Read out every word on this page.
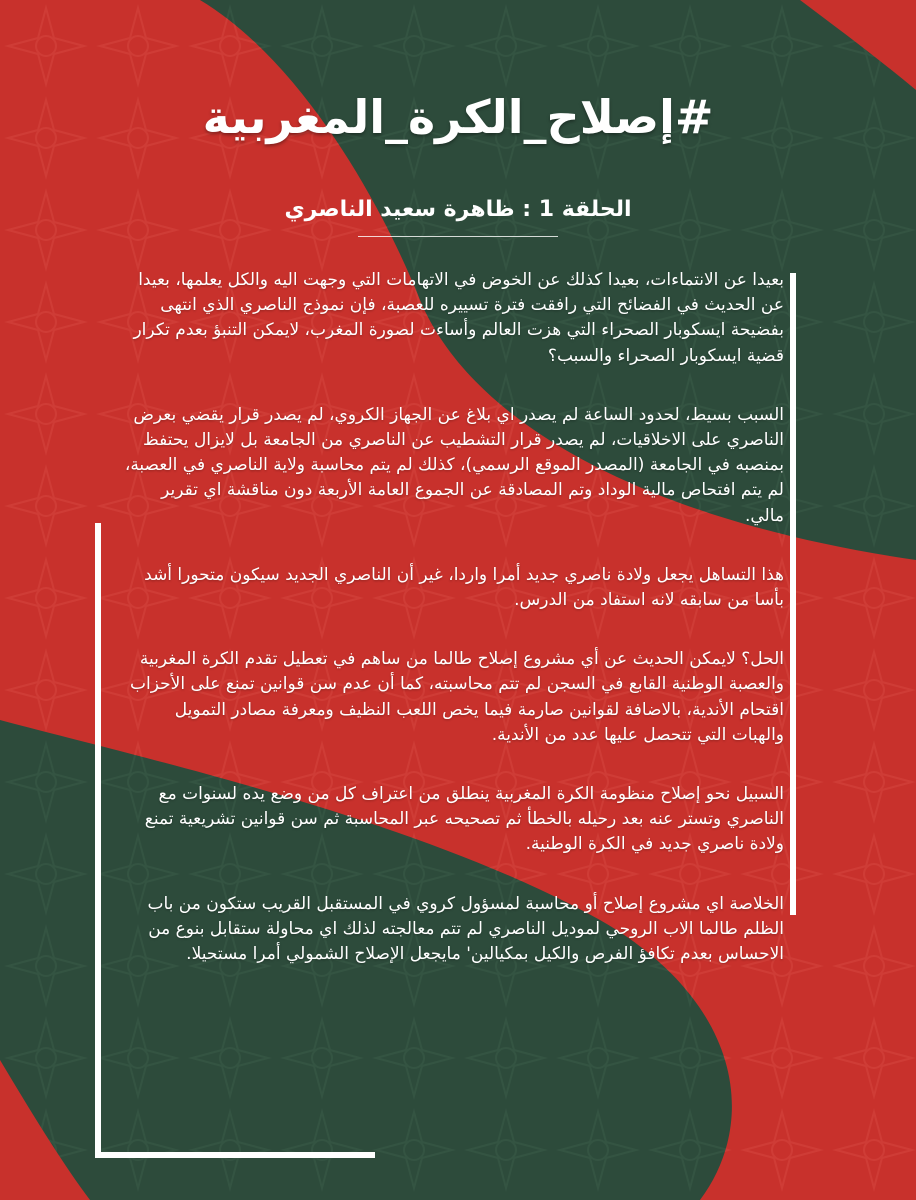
#إصلاح_الكرة_المغربية
الحلقة 1 : ظاهرة سعيد الناصري

بعيدا عن الانتماءات، بعيدا كذلك عن الخوض في الاتهامات التي وجهت اليه والكل يعلمها، بعيدا عن الحديث في الفضائح التي رافقت فترة تسييره للعصبة، فإن نموذج الناصري الذي انتهى بفضيحة ايسكوبار الصحراء التي هزت العالم وأساءت لصورة المغرب، لايمكن التنبؤ بعدم تكرار قضية ايسكوبار الصحراء والسبب؟

السبب بسيط، لحدود الساعة لم يصدر اي بلاغ عن الجهاز الكروي، لم يصدر قرار يقضي بعرض الناصري على الاخلاقيات، لم يصدر قرار التشطيب عن الناصري من الجامعة بل لايزال يحتفظ بمنصبه في الجامعة (المصدر الموقع الرسمي)، كذلك لم يتم محاسبة ولاية الناصري في العصبة، لم يتم افتحاص مالية الوداد وتم المصادقة عن الجموع العامة الأربعة دون مناقشة اي تقرير مالي.

هذا التساهل يجعل ولادة ناصري جديد أمرا واردا، غير أن الناصري الجديد سيكون متحورا أشد بأسا من سابقه لانه استفاد من الدرس.

الحل؟ لايمكن الحديث عن أي مشروع إصلاح طالما من ساهم في تعطيل تقدم الكرة المغربية والعصبة الوطنية القابع في السجن لم تتم محاسبته، كما أن عدم سن قوانين تمنع على الأحزاب اقتحام الأندية، بالاضافة لقوانين صارمة فيما يخص اللعب النظيف ومعرفة مصادر التمويل والهبات التي تتحصل عليها عدد من الأندية.

السبيل نحو إصلاح منظومة الكرة المغربية ينطلق من اعتراف كل من وضع يده لسنوات مع الناصري وتستر عنه بعد رحيله بالخطأ ثم تصحيحه عبر المحاسبة ثم سن قوانين تشريعية تمنع ولادة ناصري جديد في الكرة الوطنية.

الخلاصة اي مشروع إصلاح أو محاسبة لمسؤول كروي في المستقبل القريب ستكون من باب الظلم طالما الاب الروحي لموديل الناصري لم تتم معالجته لذلك اي محاولة ستقابل بنوع من الاحساس بعدم تكافؤ الفرص والكيل بمكيالين' مايجعل الإصلاح الشمولي أمرا مستحيلا.
